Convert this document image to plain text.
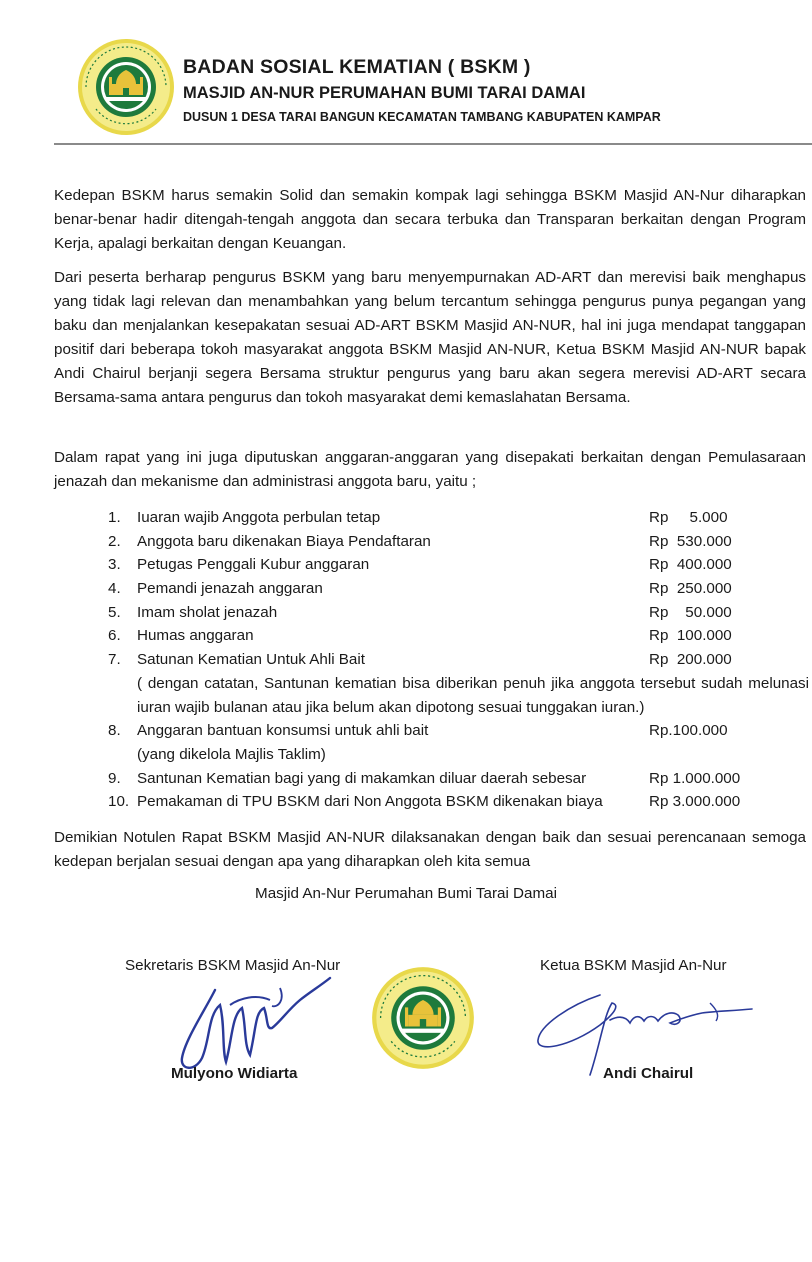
BADAN SOSIAL KEMATIAN ( BSKM )

MASJID AN-NUR PERUMAHAN BUMI TARAI DAMAI

DUSUN 1 DESA TARAI BANGUN KECAMATAN TAMBANG KABUPATEN KAMPAR

Kedepan BSKM harus semakin Solid dan semakin kompak lagi sehingga BSKM Masjid AN-Nur diharapkan benar-benar hadir ditengah-tengah anggota dan secara terbuka dan Transparan berkaitan dengan Program Kerja, apalagi berkaitan dengan Keuangan.

Dari peserta berharap pengurus BSKM yang baru menyempurnakan AD-ART dan merevisi baik menghapus yang tidak lagi relevan dan menambahkan yang belum tercantum sehingga pengurus punya pegangan yang baku dan menjalankan kesepakatan sesuai AD-ART BSKM Masjid AN-NUR, hal ini juga mendapat tanggapan positif dari beberapa tokoh masyarakat anggota BSKM Masjid AN-NUR, Ketua BSKM Masjid AN-NUR bapak Andi Chairul berjanji segera Bersama struktur pengurus yang baru akan segera merevisi AD-ART secara Bersama-sama antara pengurus dan tokoh masyarakat demi kemaslahatan Bersama.

Dalam rapat yang ini juga diputuskan anggaran-anggaran yang disepakati berkaitan dengan Pemulasaraan jenazah dan mekanisme dan administrasi anggota baru, yaitu ;

1.	Iuaran wajib Anggota perbulan tetap	Rp     5.000
2.	Anggota baru dikenakan Biaya Pendaftaran	Rp  530.000
3.	Petugas Penggali Kubur anggaran	Rp  400.000
4.	Pemandi jenazah anggaran	Rp  250.000
5.	Imam sholat jenazah	Rp    50.000
6.	Humas anggaran	Rp  100.000
7.	Satunan Kematian Untuk Ahli Bait	Rp  200.000
( dengan catatan, Santunan kematian bisa diberikan penuh jika anggota tersebut sudah melunasi iuran wajib bulanan atau jika belum akan dipotong sesuai tunggakan iuran.)
8.	Anggaran bantuan konsumsi untuk ahli bait	Rp.100.000
(yang dikelola Majlis Taklim)
9.	Santunan Kematian bagi yang di makamkan diluar daerah sebesar	Rp 1.000.000
10. Pemakaman di TPU BSKM dari Non Anggota BSKM dikenakan biaya	Rp 3.000.000

Demikian Notulen Rapat BSKM Masjid AN-NUR dilaksanakan dengan baik dan sesuai perencanaan semoga kedepan berjalan sesuai dengan apa yang diharapkan oleh kita semua

Masjid An-Nur Perumahan Bumi Tarai Damai
Sekretaris BSKM Masjid An-Nur	Ketua BSKM Masjid An-Nur
Mulyono Widiarta	Andi Chairul
